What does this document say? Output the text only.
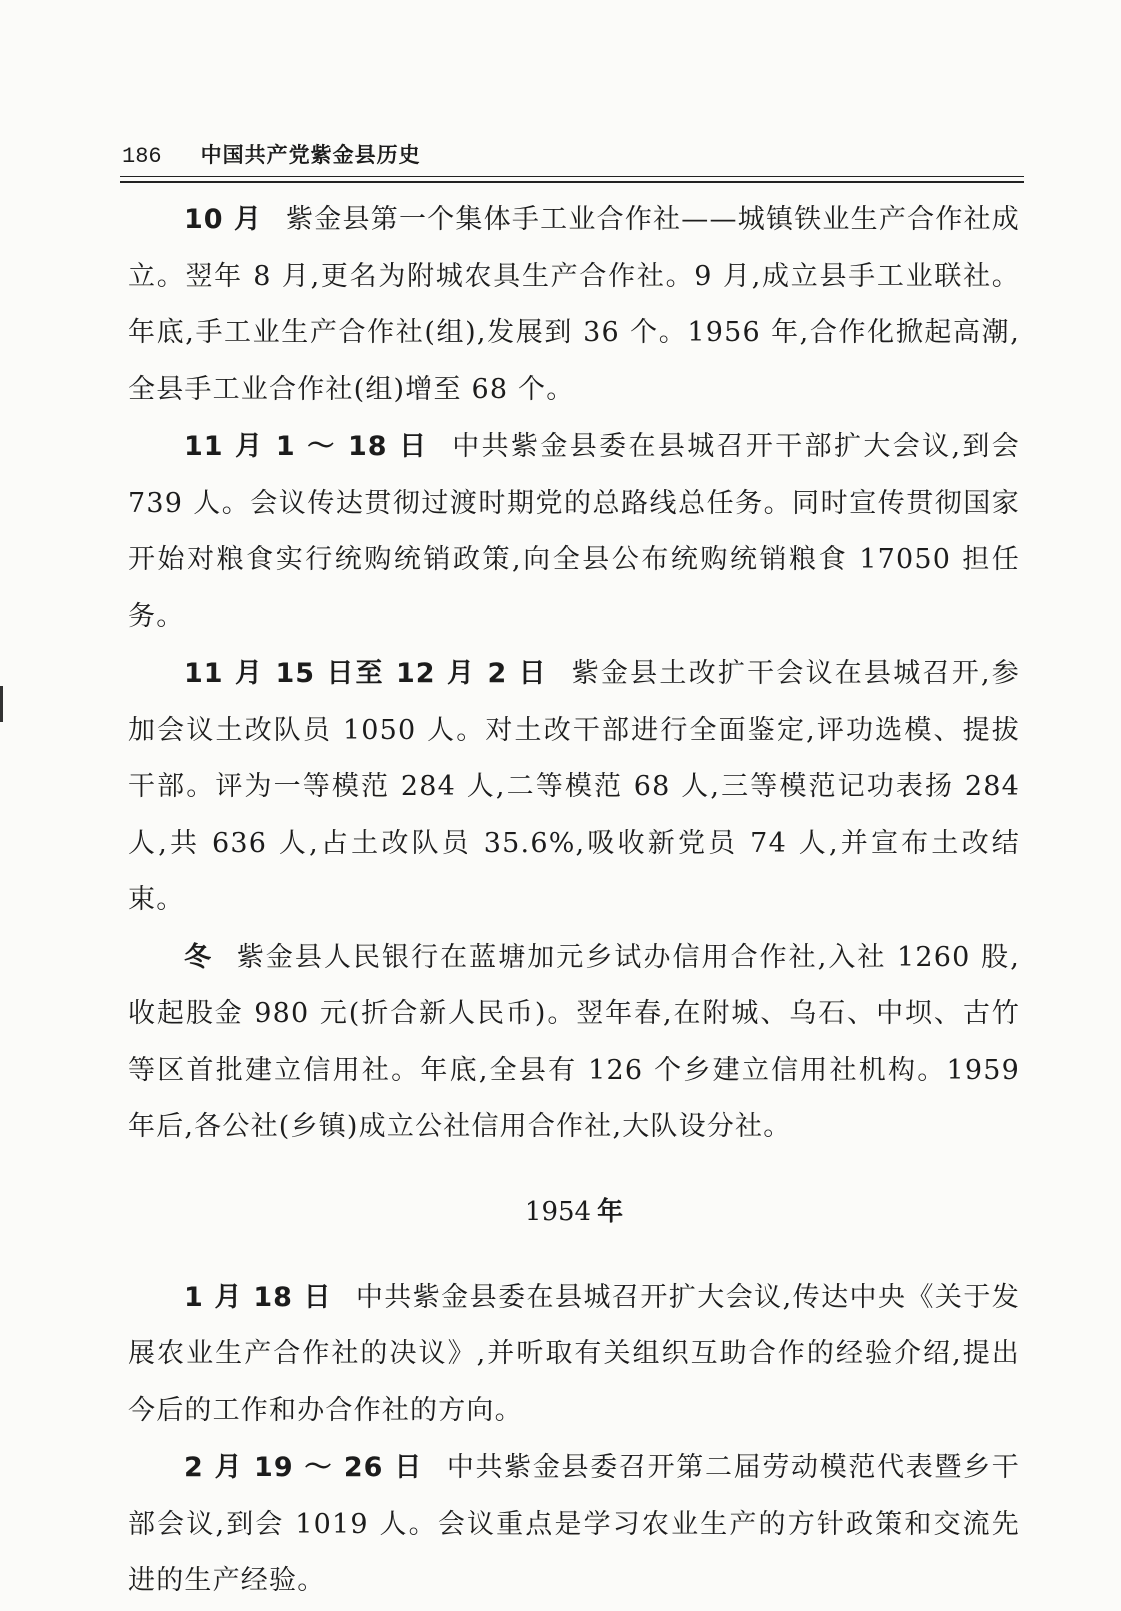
186 中国共产党紫金县历史

10 月 紫金县第一个集体手工业合作社——城镇铁业生产合作社成立。翌年 8 月,更名为附城农具生产合作社。9 月,成立县手工业联社。年底,手工业生产合作社(组),发展到 36 个。1956 年,合作化掀起高潮,全县手工业合作社(组)增至 68 个。

11 月 1 ～ 18 日 中共紫金县委在县城召开干部扩大会议,到会 739 人。会议传达贯彻过渡时期党的总路线总任务。同时宣传贯彻国家开始对粮食实行统购统销政策,向全县公布统购统销粮食 17050 担任务。

11 月 15 日至 12 月 2 日 紫金县土改扩干会议在县城召开,参加会议土改队员 1050 人。对土改干部进行全面鉴定,评功选模、提拔干部。评为一等模范 284 人,二等模范 68 人,三等模范记功表扬 284 人,共 636 人,占土改队员 35.6%,吸收新党员 74 人,并宣布土改结束。

冬 紫金县人民银行在蓝塘加元乡试办信用合作社,入社 1260 股,收起股金 980 元(折合新人民币)。翌年春,在附城、乌石、中坝、古竹等区首批建立信用社。年底,全县有 126 个乡建立信用社机构。1959 年后,各公社(乡镇)成立公社信用合作社,大队设分社。

1954 年

1 月 18 日 中共紫金县委在县城召开扩大会议,传达中央《关于发展农业生产合作社的决议》,并听取有关组织互助合作的经验介绍,提出今后的工作和办合作社的方向。

2 月 19 ～ 26 日 中共紫金县委召开第二届劳动模范代表暨乡干部会议,到会 1019 人。会议重点是学习农业生产的方针政策和交流先进的生产经验。
